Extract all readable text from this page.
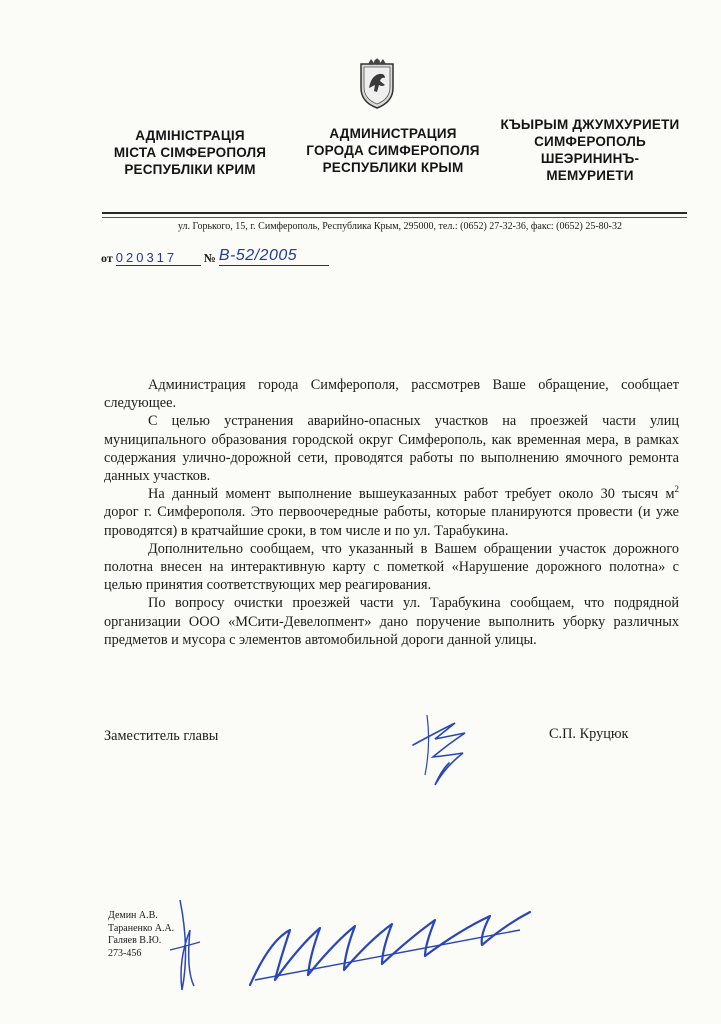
АДМІНІСТРАЦІЯ
МІСТА СІМФЕРОПОЛЯ
РЕСПУБЛІКИ КРИМ
АДМИНИСТРАЦИЯ
ГОРОДА СИМФЕРОПОЛЯ
РЕСПУБЛИКИ КРЫМ
КЪЫРЫМ ДЖУМХУРИЕТИ
СИМФЕРОПОЛЬ
ШЕЭРИНИНЪ-
МЕМУРИЕТИ
ул. Горького, 15, г. Симферополь, Республика Крым, 295000, тел.: (0652) 27-32-36, факс: (0652) 25-80-32
от 020317 № В-52/2005

Администрация города Симферополя, рассмотрев Ваше обращение, сообщает следующее.

С целью устранения аварийно-опасных участков на проезжей части улиц муниципального образования городской округ Симферополь, как временная мера, в рамках содержания улично-дорожной сети, проводятся работы по выполнению ямочного ремонта данных участков.

На данный момент выполнение вышеуказанных работ требует около 30 тысяч $м^2$ дорог г. Симферополя. Это первоочередные работы, которые планируются провести (и уже проводятся) в кратчайшие сроки, в том числе и по ул. Тарабукина.

Дополнительно сообщаем, что указанный в Вашем обращении участок дорожного полотна внесен на интерактивную карту с пометкой «Нарушение дорожного полотна» с целью принятия соответствующих мер реагирования.

По вопросу очистки проезжей части ул. Тарабукина сообщаем, что подрядной организации ООО «МСити-Девелопмент» дано поручение выполнить уборку различных предметов и мусора с элементов автомобильной дороги данной улицы.

Заместитель главы	С.П. Круцюк
Демин А.В.
Тараненко А.А.
Галяев В.Ю.
273-456
